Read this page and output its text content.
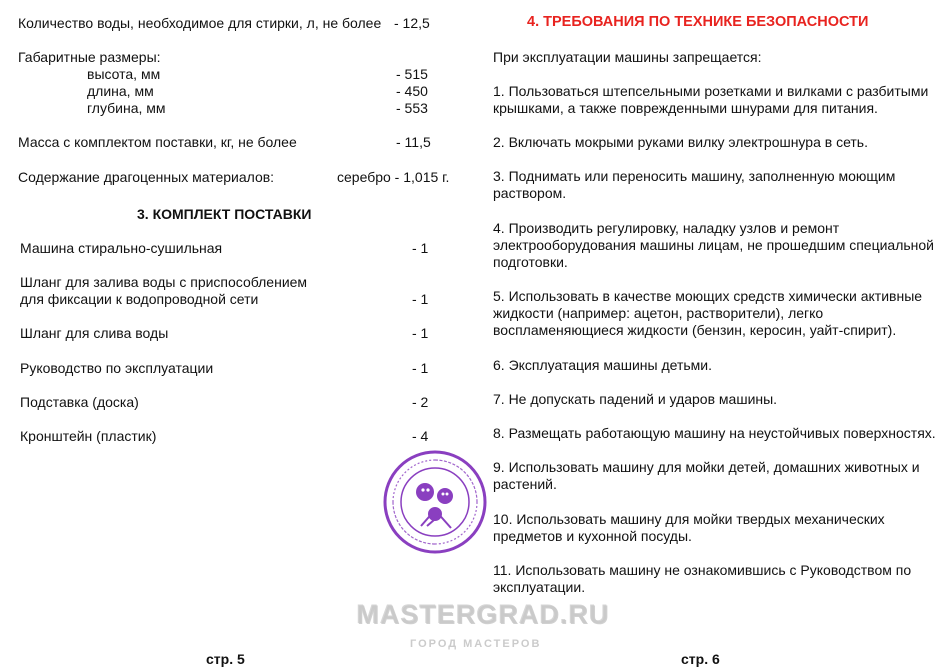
Количество воды, необходимое для стирки, л, не более - 12,5
Габаритные размеры:
высота, мм	- 515
длина, мм	- 450
глубина, мм	- 553
Масса с комплектом поставки, кг, не более	- 11,5
Содержание драгоценных материалов:	серебро - 1,015 г.
3. КОМПЛЕКТ ПОСТАВКИ
Машина стирально-сушильная	- 1
Шланг для залива воды с приспособлением
для фиксации к водопроводной сети	- 1
Шланг для слива воды	- 1
Руководство по эксплуатации	- 1
Подставка (доска)	- 2
Кронштейн (пластик)	- 4
стр. 5
4. ТРЕБОВАНИЯ ПО ТЕХНИКЕ БЕЗОПАСНОСТИ
При эксплуатации машины запрещается:
1. Пользоваться штепсельными розетками и вилками с разбитыми
крышками, а также поврежденными шнурами для питания.
2. Включать мокрыми руками вилку электрошнура в сеть.
3. Поднимать или переносить машину, заполненную моющим
раствором.
4. Производить регулировку, наладку узлов и ремонт
электрооборудования машины лицам, не прошедшим специальной
подготовки.
5. Использовать в качестве моющих средств химически активные
жидкости (например: ацетон, растворители), легко
воспламеняющиеся жидкости (бензин, керосин, уайт-спирит).
6. Эксплуатация машины детьми.
7. Не допускать падений и ударов машины.
8. Размещать работающую машину на неустойчивых поверхностях.
9. Использовать машину для мойки детей, домашних животных и
растений.
10. Использовать машину для мойки твердых механических
предметов и кухонной посуды.
11. Использовать машину не ознакомившись с Руководством по
эксплуатации.
стр. 6
MASTERGRAD.RU
ГОРОД МАСТЕРОВ
